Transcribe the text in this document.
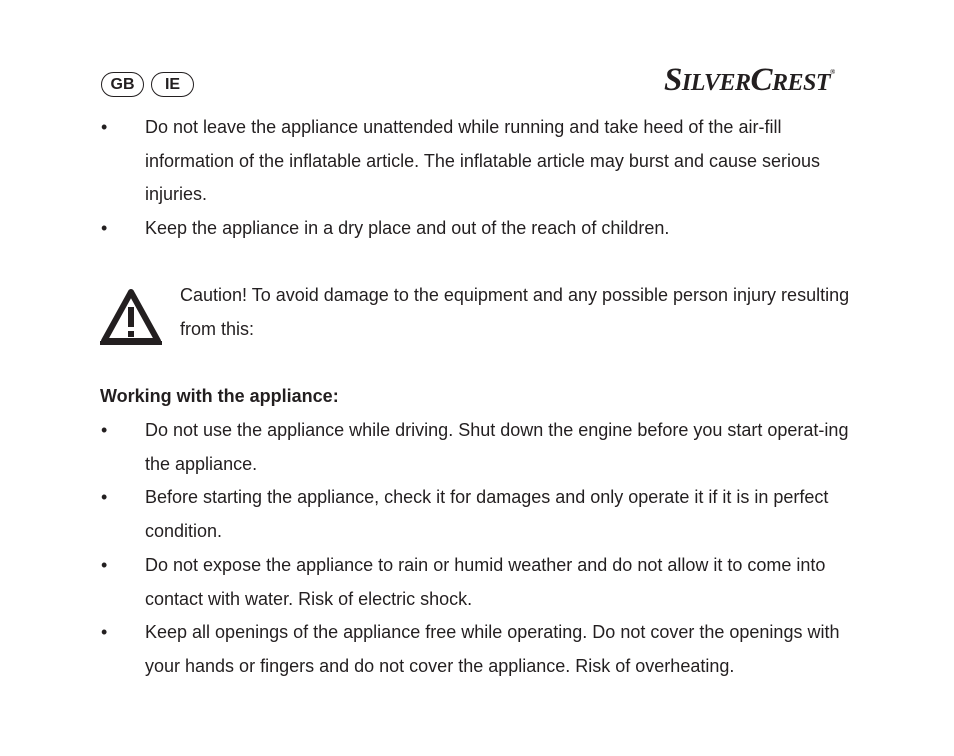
GB	IE	SILVERCREST®
•	Do not leave the appliance unattended while running and take heed of the air-fill information of the inflatable article. The inflatable article may burst and cause serious injuries.
•	Keep the appliance in a dry place and out of the reach of children.
Caution! To avoid damage to the equipment and any possible person injury resulting from this:
Working with the appliance:
•	Do not use the appliance while driving. Shut down the engine before you start operat-ing the appliance.
•	Before starting the appliance, check it for damages and only operate it if it is in perfect condition.
•	Do not expose the appliance to rain or humid weather and do not allow it to come into contact with water. Risk of electric shock.
•	Keep all openings of the appliance free while operating. Do not cover the openings with your hands or fingers and do not cover the appliance. Risk of overheating.
